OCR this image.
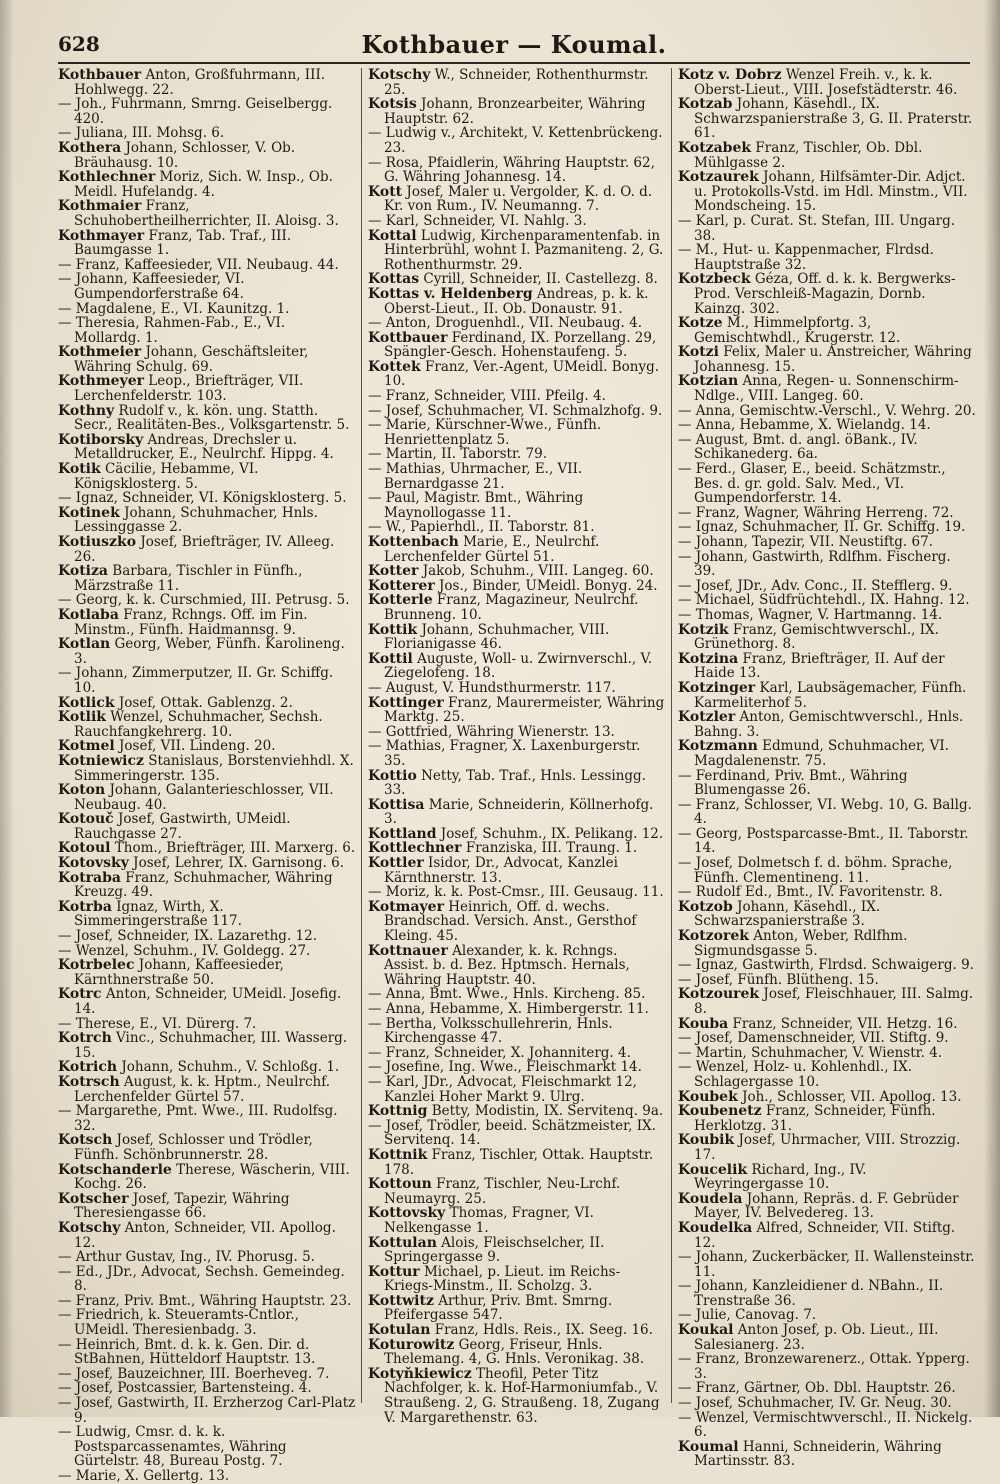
628	Kothbauer — Koumal.

Kothbauer Anton, Großfuhrmann, III. Hohlwegg. 22.

— Joh., Fuhrmann, Smrng. Geiselbergg. 420.

— Juliana, III. Mohsg. 6.

Kothera Johann, Schlosser, V. Ob. Bräuhausg. 10.

Kothlechner Moriz, Sich. W. Insp., Ob. Meidl. Hufelandg. 4.

Kothmaier Franz, Schuhobertheilherrichter, II. Aloisg. 3.

Kothmayer Franz, Tab. Traf., III. Baumgasse 1.

— Franz, Kaffeesieder, VII. Neubaug. 44.

— Johann, Kaffeesieder, VI. Gumpendorferstraße 64.

— Magdalene, E., VI. Kaunitzg. 1.

— Theresia, Rahmen-Fab., E., VI. Mollardg. 1.

Kothmeier Johann, Geschäftsleiter, Währing Schulg. 69.

Kothmeyer Leop., Briefträger, VII. Lerchenfelderstr. 103.

Kothny Rudolf v., k. kön. ung. Statth. Secr., Realitäten-Bes., Volksgartenstr. 5.

Kotiborsky Andreas, Drechsler u. Metalldrucker, E., Neulrchf. Hippg. 4.

Kotik Cäcilie, Hebamme, VI. Königsklosterg. 5.

— Ignaz, Schneider, VI. Königsklosterg. 5.

Kotinek Johann, Schuhmacher, Hnls. Lessinggasse 2.

Kotiuszko Josef, Briefträger, IV. Alleeg. 26.

Kotiza Barbara, Tischler in Fünfh., Märzstraße 11.

— Georg, k. k. Curschmied, III. Petrusg. 5.

Kotlaba Franz, Rchngs. Off. im Fin. Minstm., Fünfh. Haidmannsg. 9.

Kotlan Georg, Weber, Fünfh. Karolineng. 3.

— Johann, Zimmerputzer, II. Gr. Schiffg. 10.

Kotlick Josef, Ottak. Gablenzg. 2.

Kotlik Wenzel, Schuhmacher, Sechsh. Rauchfangkehrerg. 10.

Kotmel Josef, VII. Lindeng. 20.

Kotniewicz Stanislaus, Borstenviehhdl. X. Simmeringerstr. 135.

Koton Johann, Galanterieschlosser, VII. Neubaug. 40.

Kotouč Josef, Gastwirth, UMeidl. Rauchgasse 27.

Kotoul Thom., Briefträger, III. Marxerg. 6.

Kotovsky Josef, Lehrer, IX. Garnisong. 6.

Kotraba Franz, Schuhmacher, Währing Kreuzg. 49.

Kotrba Ignaz, Wirth, X. Simmeringerstraße 117.

— Josef, Schneider, IX. Lazarethg. 12.

— Wenzel, Schuhm., IV. Goldegg. 27.

Kotrbelec Johann, Kaffeesieder, Kärnthnerstraße 50.

Kotrc Anton, Schneider, UMeidl. Josefig. 14.

— Therese, E., VI. Dürerg. 7.

Kotrch Vinc., Schuhmacher, III. Wasserg. 15.

Kotrich Johann, Schuhm., V. Schloßg. 1.

Kotrsch August, k. k. Hptm., Neulrchf. Lerchenfelder Gürtel 57.

— Margarethe, Pmt. Wwe., III. Rudolfsg. 32.

Kotsch Josef, Schlosser und Trödler, Fünfh. Schönbrunnerstr. 28.

Kotschanderle Therese, Wäscherin, VIII. Kochg. 26.

Kotscher Josef, Tapezir, Währing Theresiengasse 66.

Kotschy Anton, Schneider, VII. Apollog. 12.

— Arthur Gustav, Ing., IV. Phorusg. 5.

— Ed., JDr., Advocat, Sechsh. Gemeindeg. 8.

— Franz, Priv. Bmt., Währing Hauptstr. 23.

— Friedrich, k. Steueramts-Cntlor., UMeidl. Theresienbadg. 3.

— Heinrich, Bmt. d. k. k. Gen. Dir. d. StBahnen, Hütteldorf Hauptstr. 13.

— Josef, Bauzeichner, III. Boerheveg. 7.

— Josef, Postcassier, Bartensteing. 4.

— Josef, Gastwirth, II. Erzherzog Carl-Platz 9.

— Ludwig, Cmsr. d. k. k. Postsparcassenamtes, Währing Gürtelstr. 48, Bureau Postg. 7.

— Marie, X. Gellertg. 13.

Kotschy W., Schneider, Rothenthurmstr. 25.

Kotsis Johann, Bronzearbeiter, Währing Hauptstr. 62.

— Ludwig v., Architekt, V. Kettenbrückeng. 23.

— Rosa, Pfaidlerin, Währing Hauptstr. 62, G. Währing Johannesg. 14.

Kott Josef, Maler u. Vergolder, K. d. O. d. Kr. von Rum., IV. Neumanng. 7.

— Karl, Schneider, VI. Nahlg. 3.

Kottal Ludwig, Kirchenparamentenfab. in Hinterbrühl, wohnt I. Pazmaniteng. 2, G. Rothenthurmstr. 29.

Kottas Cyrill, Schneider, II. Castellezg. 8.

Kottas v. Heldenberg Andreas, p. k. k. Oberst-Lieut., II. Ob. Donaustr. 91.

— Anton, Droguenhdl., VII. Neubaug. 4.

Kottbauer Ferdinand, IX. Porzellang. 29, Spängler-Gesch. Hohenstaufeng. 5.

Kottek Franz, Ver.-Agent, UMeidl. Bonyg. 10.

— Franz, Schneider, VIII. Pfeilg. 4.

— Josef, Schuhmacher, VI. Schmalzhofg. 9.

— Marie, Kürschner-Wwe., Fünfh. Henriettenplatz 5.

— Martin, II. Taborstr. 79.

— Mathias, Uhrmacher, E., VII. Bernardgasse 21.

— Paul, Magistr. Bmt., Währing Maynollogasse 11.

— W., Papierhdl., II. Taborstr. 81.

Kottenbach Marie, E., Neulrchf. Lerchenfelder Gürtel 51.

Kotter Jakob, Schuhm., VIII. Langeg. 60.

Kotterer Jos., Binder, UMeidl. Bonyg. 24.

Kotterle Franz, Magazineur, Neulrchf. Brunneng. 10.

Kottik Johann, Schuhmacher, VIII. Florianigasse 46.

Kottil Auguste, Woll- u. Zwirnverschl., V. Ziegelofeng. 18.

— August, V. Hundsthurmerstr. 117.

Kottinger Franz, Maurermeister, Währing Marktg. 25.

— Gottfried, Währing Wienerstr. 13.

— Mathias, Fragner, X. Laxenburgerstr. 35.

Kottio Netty, Tab. Traf., Hnls. Lessingg. 33.

Kottisa Marie, Schneiderin, Köllnerhofg. 3.

Kottland Josef, Schuhm., IX. Pelikang. 12.

Kottlechner Franziska, III. Traung. 1.

Kottler Isidor, Dr., Advocat, Kanzlei Kärnthnerstr. 13.

— Moriz, k. k. Post-Cmsr., III. Geusaug. 11.

Kotmayer Heinrich, Off. d. wechs. Brandschad. Versich. Anst., Gersthof Kleing. 45.

Kottnauer Alexander, k. k. Rchngs. Assist. b. d. Bez. Hptmsch. Hernals, Währing Hauptstr. 40.

— Anna, Bmt. Wwe., Hnls. Kircheng. 85.

— Anna, Hebamme, X. Himbergerstr. 11.

— Bertha, Volksschullehrerin, Hnls. Kirchengasse 47.

— Franz, Schneider, X. Johanniterg. 4.

— Josefine, Ing. Wwe., Fleischmarkt 14.

— Karl, JDr., Advocat, Fleischmarkt 12, Kanzlei Hoher Markt 9. Ulrg.

Kottnig Betty, Modistin, IX. Servitenq. 9a.

— Josef, Trödler, beeid. Schätzmeister, IX. Servitenq. 14.

Kottnik Franz, Tischler, Ottak. Hauptstr. 178.

Kottoun Franz, Tischler, Neu-Lrchf. Neumayrg. 25.

Kottovsky Thomas, Fragner, VI. Nelkengasse 1.

Kottulan Alois, Fleischselcher, II. Springergasse 9.

Kottur Michael, p. Lieut. im Reichs-Kriegs-Minstm., II. Scholzg. 3.

Kottwitz Arthur, Priv. Bmt. Smrng. Pfeifergasse 547.

Kotulan Franz, Hdls. Reis., IX. Seeg. 16.

Koturowitz Georg, Friseur, Hnls. Thelemang. 4, G. Hnls. Veronikag. 38.

Kotyňkiewicz Theofil, Peter Titz Nachfolger, k. k. Hof-Harmoniumfab., V. Straußeng. 2, G. Straußeng. 18, Zugang V. Margarethenstr. 63.

Kotz v. Dobrz Wenzel Freih. v., k. k. Oberst-Lieut., VIII. Josefstädterstr. 46.

Kotzab Johann, Käsehdl., IX. Schwarzspanierstraße 3, G. II. Praterstr. 61.

Kotzabek Franz, Tischler, Ob. Dbl. Mühlgasse 2.

Kotzaurek Johann, Hilfsämter-Dir. Adjct. u. Protokolls-Vstd. im Hdl. Minstm., VII. Mondscheing. 15.

— Karl, p. Curat. St. Stefan, III. Ungarg. 38.

— M., Hut- u. Kappenmacher, Flrdsd. Hauptstraße 32.

Kotzbeck Géza, Off. d. k. k. Bergwerks-Prod. Verschleiß-Magazin, Dornb. Kainzg. 302.

Kotze M., Himmelpfortg. 3, Gemischtwhdl., Krugerstr. 12.

Kotzi Felix, Maler u. Anstreicher, Währing Johannesg. 15.

Kotzian Anna, Regen- u. Sonnenschirm-Ndlge., VIII. Langeg. 60.

— Anna, Gemischtw.-Verschl., V. Wehrg. 20.

— Anna, Hebamme, X. Wielandg. 14.

— August, Bmt. d. angl. öBank., IV. Schikanederg. 6a.

— Ferd., Glaser, E., beeid. Schätzmstr., Bes. d. gr. gold. Salv. Med., VI. Gumpendorferstr. 14.

— Franz, Wagner, Währing Herreng. 72.

— Ignaz, Schuhmacher, II. Gr. Schiffg. 19.

— Johann, Tapezir, VII. Neustiftg. 67.

— Johann, Gastwirth, Rdlfhm. Fischerg. 39.

— Josef, JDr., Adv. Conc., II. Stefflerg. 9.

— Michael, Südfrüchtehdl., IX. Hahng. 12.

— Thomas, Wagner, V. Hartmanng. 14.

Kotzik Franz, Gemischtwverschl., IX. Grünethorg. 8.

Kotzina Franz, Briefträger, II. Auf der Haide 13.

Kotzinger Karl, Laubsägemacher, Fünfh. Karmeliterhof 5.

Kotzler Anton, Gemischtwverschl., Hnls. Bahng. 3.

Kotzmann Edmund, Schuhmacher, VI. Magdalenenstr. 75.

— Ferdinand, Priv. Bmt., Währing Blumengasse 26.

— Franz, Schlosser, VI. Webg. 10, G. Ballg. 4.

— Georg, Postsparcasse-Bmt., II. Taborstr. 14.

— Josef, Dolmetsch f. d. böhm. Sprache, Fünfh. Clementineng. 11.

— Rudolf Ed., Bmt., IV. Favoritenstr. 8.

Kotzob Johann, Käsehdl., IX. Schwarzspanierstraße 3.

Kotzorek Anton, Weber, Rdlfhm. Sigmundsgasse 5.

— Ignaz, Gastwirth, Flrdsd. Schwaigerg. 9.

— Josef, Fünfh. Blütheng. 15.

Kotzourek Josef, Fleischhauer, III. Salmg. 8.

Kouba Franz, Schneider, VII. Hetzg. 16.

— Josef, Damenschneider, VII. Stiftg. 9.

— Martin, Schuhmacher, V. Wienstr. 4.

— Wenzel, Holz- u. Kohlenhdl., IX. Schlagergasse 10.

Koubek Joh., Schlosser, VII. Apollog. 13.

Koubenetz Franz, Schneider, Fünfh. Herklotzg. 31.

Koubik Josef, Uhrmacher, VIII. Strozzig. 17.

Koucelik Richard, Ing., IV. Weyringergasse 10.

Koudela Johann, Repräs. d. F. Gebrüder Mayer, IV. Belvedereg. 13.

Koudelka Alfred, Schneider, VII. Stiftg. 12.

— Johann, Zuckerbäcker, II. Wallensteinstr. 11.

— Johann, Kanzleidiener d. NBahn., II. Trenstraße 36.

— Julie, Canovag. 7.

Koukal Anton Josef, p. Ob. Lieut., III. Salesianerg. 23.

— Franz, Bronzewarenerz., Ottak. Ypperg. 3.

— Franz, Gärtner, Ob. Dbl. Hauptstr. 26.

— Josef, Schuhmacher, IV. Gr. Neug. 30.

— Wenzel, Vermischtwverschl., II. Nickelg. 6.

Koumal Hanni, Schneiderin, Währing Martinsstr. 83.
